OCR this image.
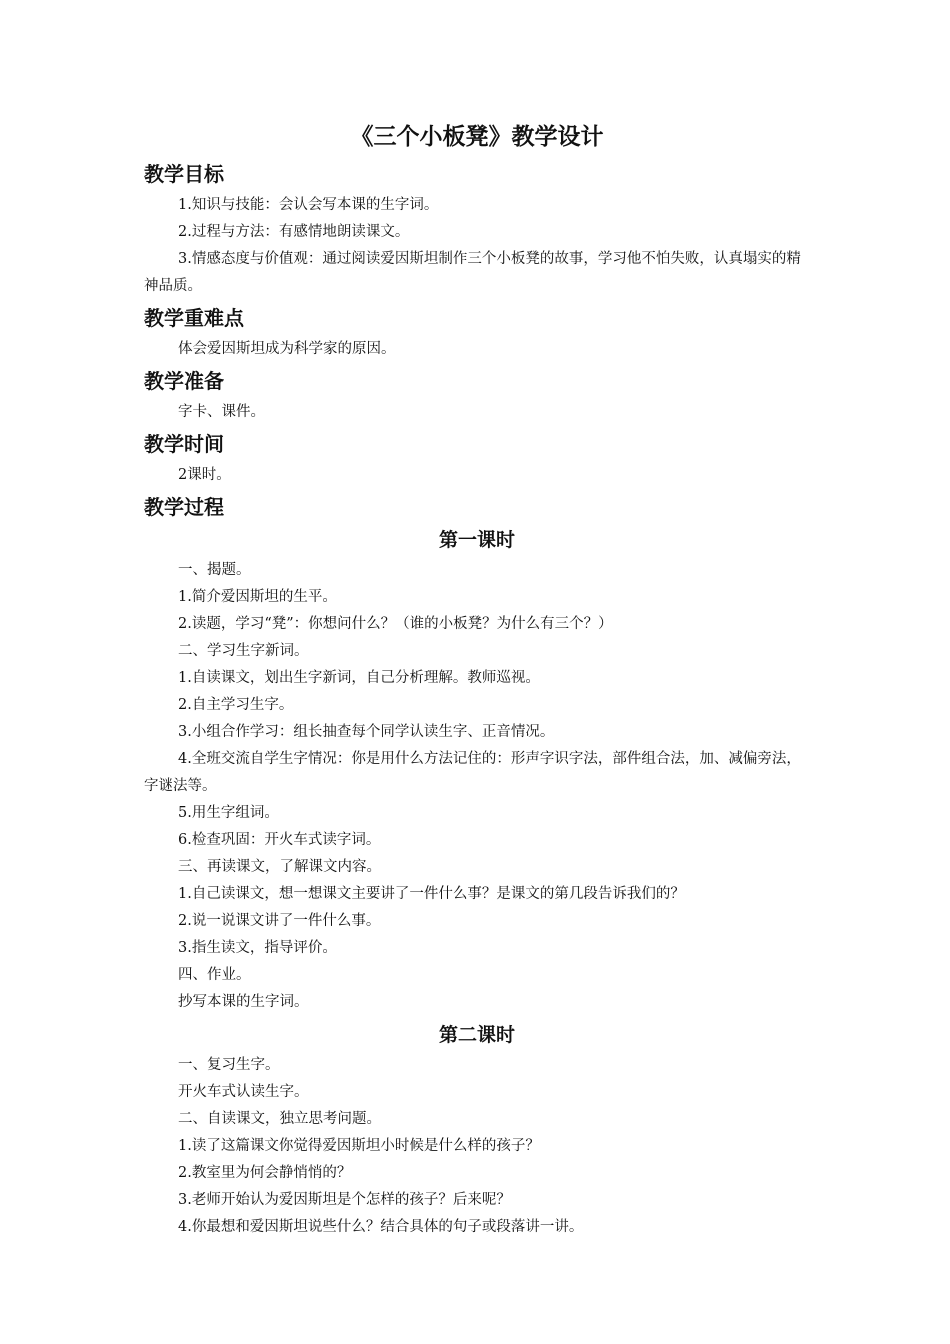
《三个小板凳》教学设计
教学目标

1.知识与技能：会认会写本课的生字词。

2.过程与方法：有感情地朗读课文。

3.情感态度与价值观：通过阅读爱因斯坦制作三个小板凳的故事，学习他不怕失败，认真塌实的精神品质。

教学重难点

体会爱因斯坦成为科学家的原因。

教学准备

字卡、课件。

教学时间

2课时。

教学过程
第一课时

一、揭题。

1.简介爱因斯坦的生平。

2.读题，学习“凳”：你想问什么？（谁的小板凳？为什么有三个？）

二、学习生字新词。

1.自读课文，划出生字新词，自己分析理解。教师巡视。

2.自主学习生字。

3.小组合作学习：组长抽查每个同学认读生字、正音情况。

4.全班交流自学生字情况：你是用什么方法记住的：形声字识字法，部件组合法，加、减偏旁法，字谜法等。

5.用生字组词。

6.检查巩固：开火车式读字词。

三、再读课文，了解课文内容。

1.自己读课文，想一想课文主要讲了一件什么事？是课文的第几段告诉我们的？

2.说一说课文讲了一件什么事。

3.指生读文，指导评价。

四、作业。

抄写本课的生字词。

第二课时

一、复习生字。

开火车式认读生字。

二、自读课文，独立思考问题。

1.读了这篇课文你觉得爱因斯坦小时候是什么样的孩子？

2.教室里为何会静悄悄的？

3.老师开始认为爱因斯坦是个怎样的孩子？后来呢？

4.你最想和爱因斯坦说些什么？结合具体的句子或段落讲一讲。
